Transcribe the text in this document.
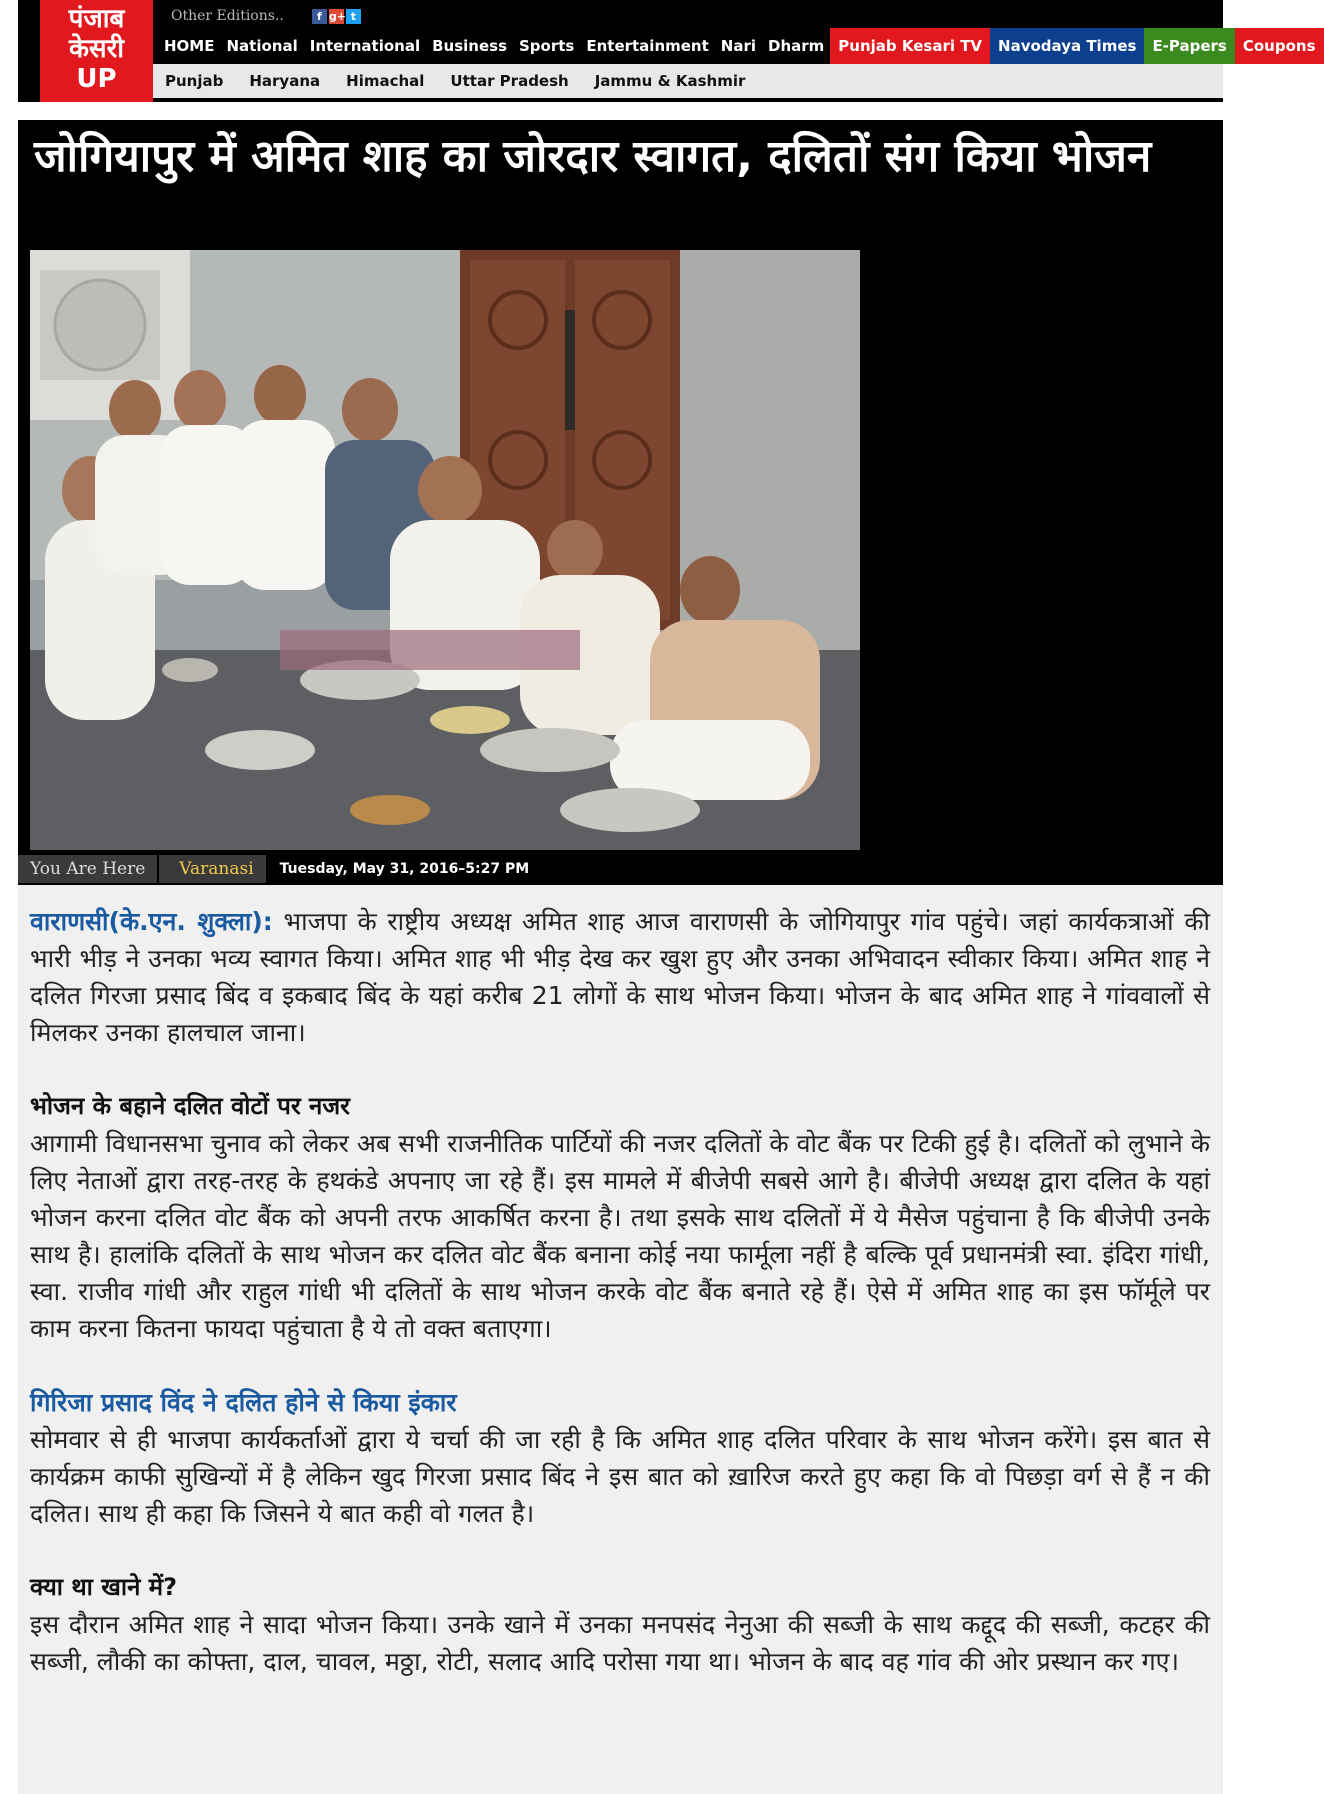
पंजाब
केसरी
UP
Other Editions..	f g+ t
HOME National International Business Sports Entertainment Nari Dharm Punjab Kesari TV	Navodaya Times	E-Papers	Coupons
Punjab Haryana Himachal Uttar Pradesh Jammu & Kashmir
जोगियापुर में अमित शाह का जोरदार स्वागत, दलितों संग किया भोजन
You Are Here	Varanasi	Tuesday, May 31, 2016–5:27 PM

वाराणसी(के.एन. शुक्ला): भाजपा के राष्ट्रीय अध्यक्ष अमित शाह आज वाराणसी के जोगियापुर गांव पहुंचे। जहां कार्यकत्राओं की भारी भीड़ ने उनका भव्य स्वागत किया। अमित शाह भी भीड़ देख कर खुश हुए और उनका अभिवादन स्वीकार किया। अमित शाह ने दलित गिरजा प्रसाद बिंद व इकबाद बिंद के यहां करीब 21 लोगों के साथ भोजन किया। भोजन के बाद अमित शाह ने गांववालों से मिलकर उनका हालचाल जाना।

भोजन के बहाने दलित वोटों पर नजर

आगामी विधानसभा चुनाव को लेकर अब सभी राजनीतिक पार्टियों की नजर दलितों के वोट बैंक पर टिकी हुई है। दलितों को लुभाने के लिए नेताओं द्वारा तरह-तरह के हथकंडे अपनाए जा रहे हैं। इस मामले में बीजेपी सबसे आगे है। बीजेपी अध्यक्ष द्वारा दलित के यहां भोजन करना दलित वोट बैंक को अपनी तरफ आकर्षित करना है। तथा इसके साथ दलितों में ये मैसेज पहुंचाना है कि बीजेपी उनके साथ है। हालांकि दलितों के साथ भोजन कर दलित वोट बैंक बनाना कोई नया फार्मूला नहीं है बल्कि पूर्व प्रधानमंत्री स्वा. इंदिरा गांधी, स्वा. राजीव गांधी और राहुल गांधी भी दलितों के साथ भोजन करके वोट बैंक बनाते रहे हैं। ऐसे में अमित शाह का इस फॉर्मूले पर काम करना कितना फायदा पहुंचाता है ये तो वक्त बताएगा।

गिरिजा प्रसाद विंद ने दलित होने से किया इंकार

सोमवार से ही भाजपा कार्यकर्ताओं द्वारा ये चर्चा की जा रही है कि अमित शाह दलित परिवार के साथ भोजन करेंगे। इस बात से कार्यक्रम काफी सुखिन्यों में है लेकिन खुद गिरजा प्रसाद बिंद ने इस बात को ख़ारिज करते हुए कहा कि वो पिछड़ा वर्ग से हैं न की दलित। साथ ही कहा कि जिसने ये बात कही वो गलत है।

क्या था खाने में?

इस दौरान अमित शाह ने सादा भोजन किया। उनके खाने में उनका मनपसंद नेनुआ की सब्जी के साथ कद्दूद की सब्जी, कटहर की सब्जी, लौकी का कोफ्ता, दाल, चावल, मठ्ठा, रोटी, सलाद आदि परोसा गया था। भोजन के बाद वह गांव की ओर प्रस्थान कर गए।
